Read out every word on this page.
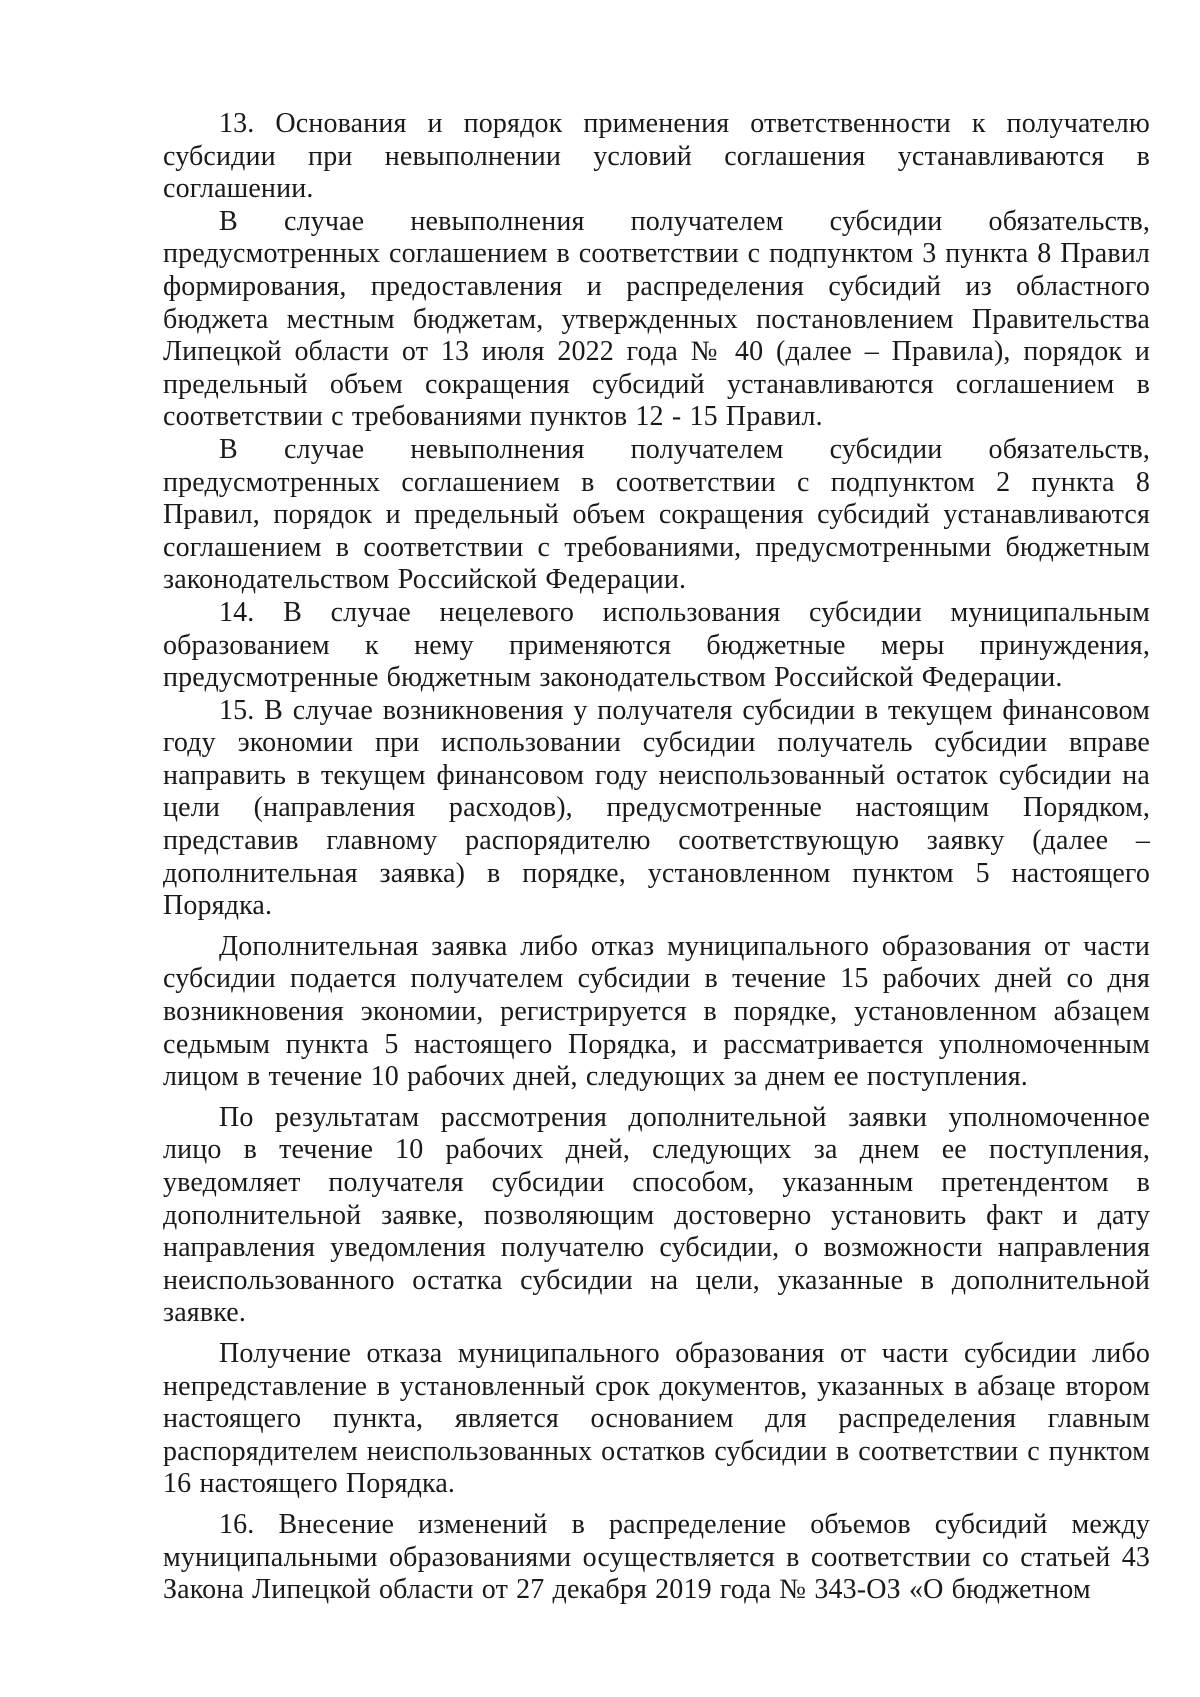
13. Основания и порядок применения ответственности к получателю субсидии при невыполнении условий соглашения устанавливаются в соглашении.

В случае невыполнения получателем субсидии обязательств, предусмотренных соглашением в соответствии с подпунктом 3 пункта 8 Правил формирования, предоставления и распределения субсидий из областного бюджета местным бюджетам, утвержденных постановлением Правительства Липецкой области от 13 июля 2022 года № 40 (далее – Правила), порядок и предельный объем сокращения субсидий устанавливаются соглашением в соответствии с требованиями пунктов 12 - 15 Правил.

В случае невыполнения получателем субсидии обязательств, предусмотренных соглашением в соответствии с подпунктом 2 пункта 8 Правил, порядок и предельный объем сокращения субсидий устанавливаются соглашением в соответствии с требованиями, предусмотренными бюджетным законодательством Российской Федерации.

14. В случае нецелевого использования субсидии муниципальным образованием к нему применяются бюджетные меры принуждения, предусмотренные бюджетным законодательством Российской Федерации.

15. В случае возникновения у получателя субсидии в текущем финансовом году экономии при использовании субсидии получатель субсидии вправе направить в текущем финансовом году неиспользованный остаток субсидии на цели (направления расходов), предусмотренные настоящим Порядком, представив главному распорядителю соответствующую заявку (далее – дополнительная заявка) в порядке, установленном пунктом 5 настоящего Порядка.

Дополнительная заявка либо отказ муниципального образования от части субсидии подается получателем субсидии в течение 15 рабочих дней со дня возникновения экономии, регистрируется в порядке, установленном абзацем седьмым пункта 5 настоящего Порядка, и рассматривается уполномоченным лицом в течение 10 рабочих дней, следующих за днем ее поступления.

По результатам рассмотрения дополнительной заявки уполномоченное лицо в течение 10 рабочих дней, следующих за днем ее поступления, уведомляет получателя субсидии способом, указанным претендентом в дополнительной заявке, позволяющим достоверно установить факт и дату направления уведомления получателю субсидии, о возможности направления неиспользованного остатка субсидии на цели, указанные в дополнительной заявке.

Получение отказа муниципального образования от части субсидии либо непредставление в установленный срок документов, указанных в абзаце втором настоящего пункта, является основанием для распределения главным распорядителем неиспользованных остатков субсидии в соответствии с пунктом 16 настоящего Порядка.

16. Внесение изменений в распределение объемов субсидий между муниципальными образованиями осуществляется в соответствии со статьей 43 Закона Липецкой области от 27 декабря 2019 года № 343-ОЗ «О бюджетном
